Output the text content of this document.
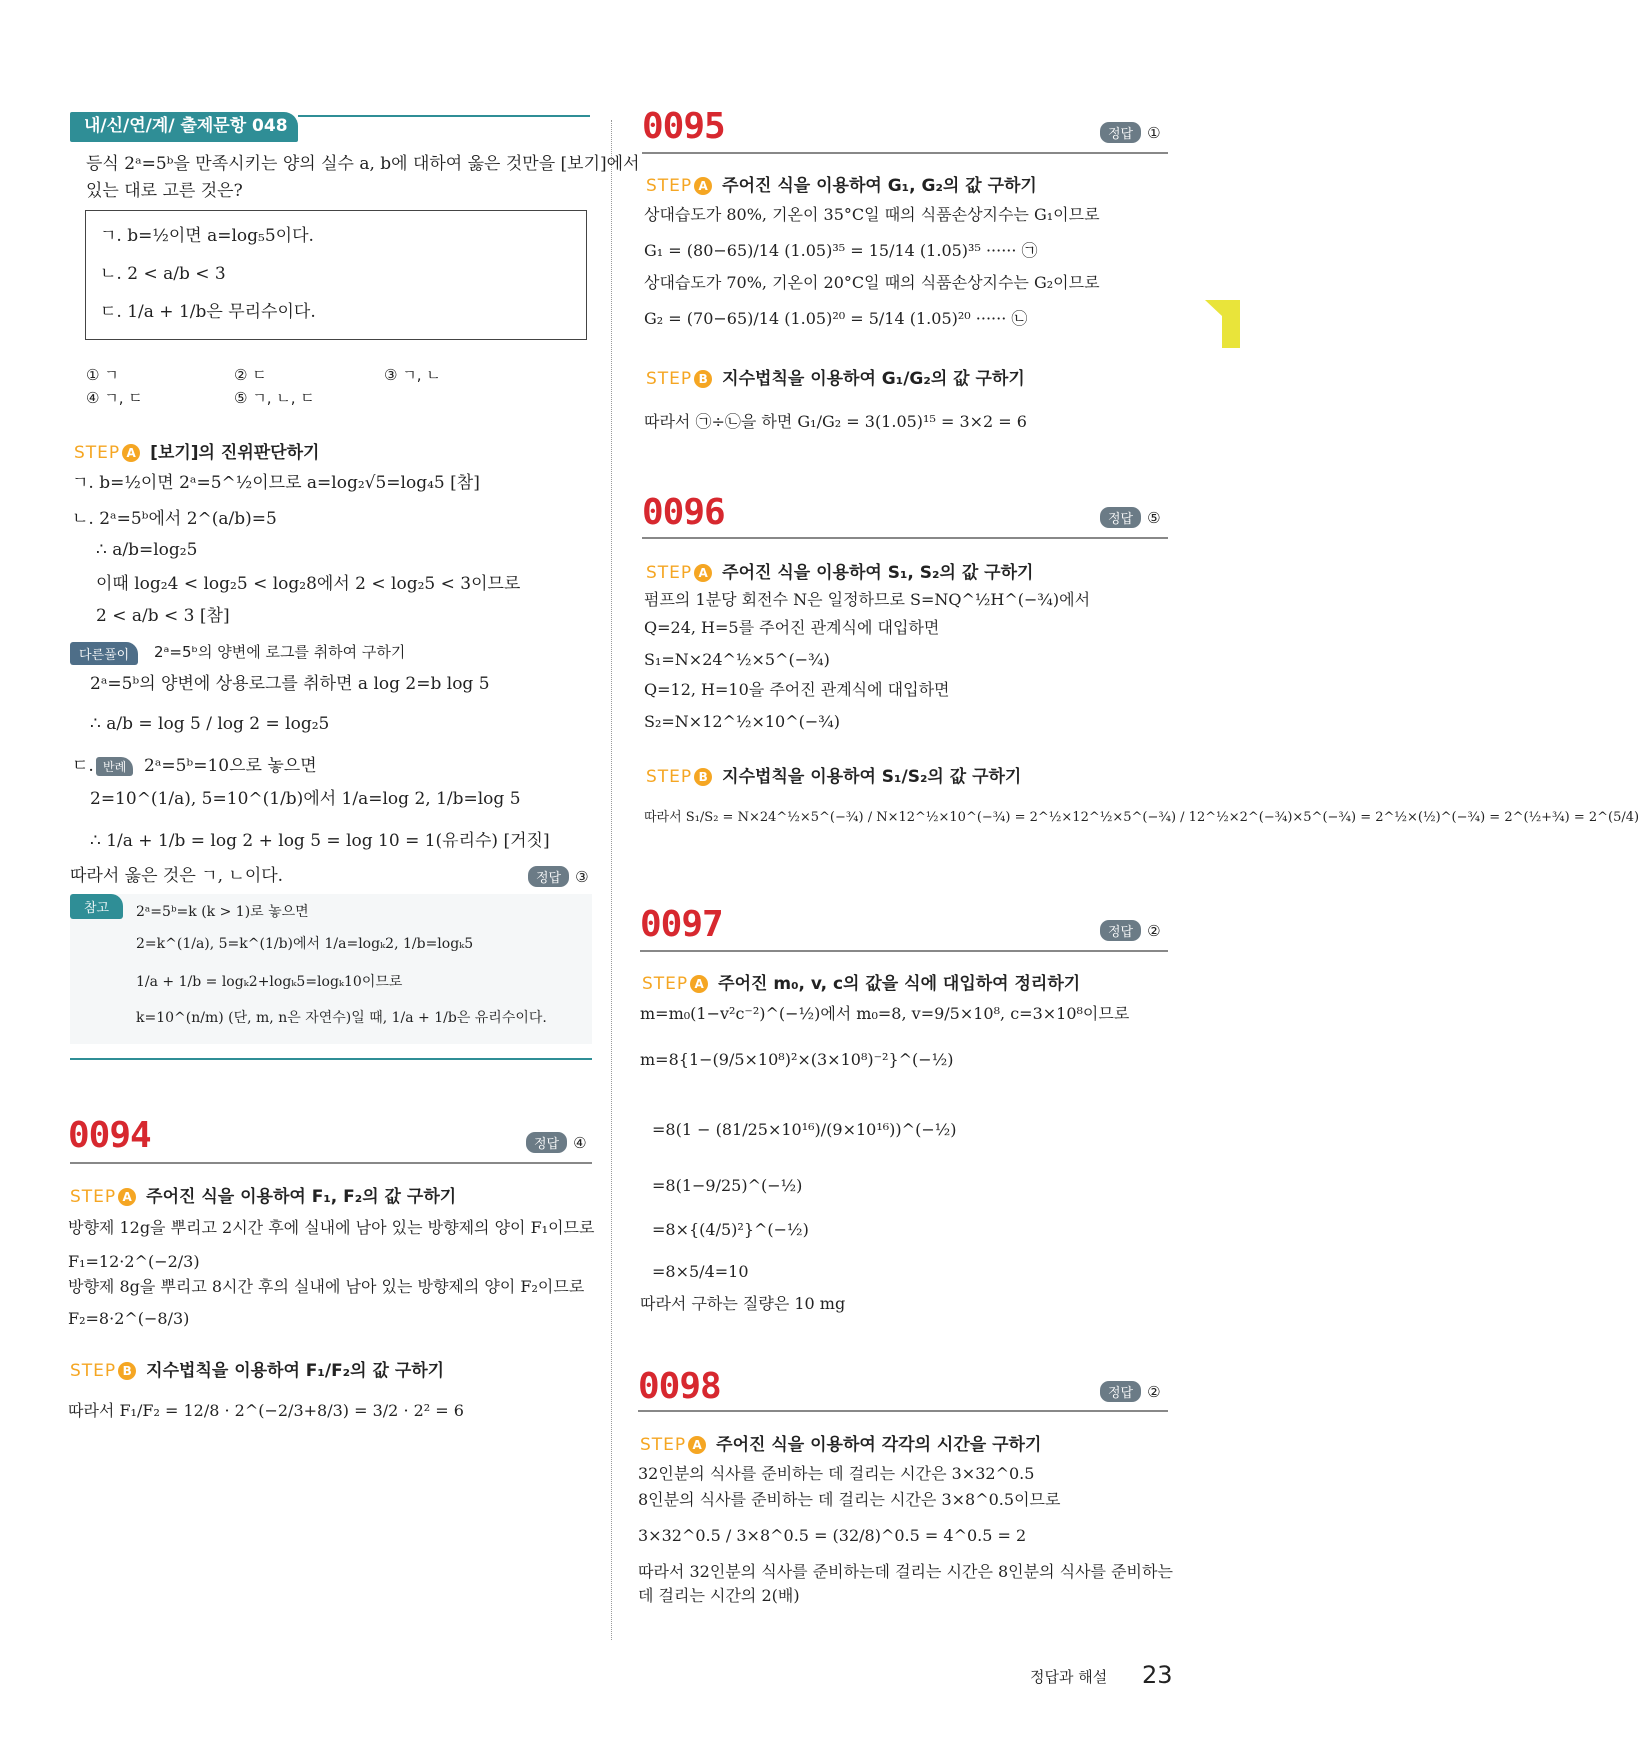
내/신/연/계/ 출제문항 048
등식 2ᵃ=5ᵇ을 만족시키는 양의 실수 a, b에 대하여 옳은 것만을 [보기]에서
있는 대로 고른 것은?
ㄱ. b=½이면 a=log₅5이다.
ㄴ. 2 < a/b < 3
ㄷ. 1/a + 1/b은 무리수이다.
① ㄱ	② ㄷ	③ ㄱ, ㄴ
④ ㄱ, ㄷ	⑤ ㄱ, ㄴ, ㄷ
STEP A [보기]의 진위판단하기
ㄱ. b=½이면 2ᵃ=5^½이므로 a=log₂√5=log₄5 [참]
ㄴ. 2ᵃ=5ᵇ에서 2^(a/b)=5
∴ a/b=log₂5
이때 log₂4 < log₂5 < log₂8에서 2 < log₂5 < 3이므로
2 < a/b < 3 [참]
다른풀이	2ᵃ=5ᵇ의 양변에 로그를 취하여 구하기
2ᵃ=5ᵇ의 양변에 상용로그를 취하면 a log 2=b log 5
∴ a/b = log 5 / log 2 = log₂5
ㄷ. 반례	2ᵃ=5ᵇ=10으로 놓으면
2=10^(1/a), 5=10^(1/b)에서 1/a=log 2, 1/b=log 5
∴ 1/a + 1/b = log 2 + log 5 = log 10 = 1(유리수) [거짓]
따라서 옳은 것은 ㄱ, ㄴ이다.	정답 ③
참고	2ᵃ=5ᵇ=k (k > 1)로 놓으면
2=k^(1/a), 5=k^(1/b)에서 1/a=logₖ2, 1/b=logₖ5
1/a + 1/b = logₖ2+logₖ5=logₖ10이므로
k=10^(n/m) (단, m, n은 자연수)일 때, 1/a + 1/b은 유리수이다.
0094	정답 ④
STEP A 주어진 식을 이용하여 F₁, F₂의 값 구하기
방향제 12g을 뿌리고 2시간 후에 실내에 남아 있는 방향제의 양이 F₁이므로
F₁=12·2^(−2/3)
방향제 8g을 뿌리고 8시간 후의 실내에 남아 있는 방향제의 양이 F₂이므로
F₂=8·2^(−8/3)
STEP B 지수법칙을 이용하여 F₁/F₂의 값 구하기
따라서 F₁/F₂ = 12/8 · 2^(−2/3+8/3) = 3/2 · 2² = 6
0095	정답 ①
STEP A 주어진 식을 이용하여 G₁, G₂의 값 구하기
상대습도가 80%, 기온이 35°C일 때의 식품손상지수는 G₁이므로
G₁ = (80−65)/14 (1.05)³⁵ = 15/14 (1.05)³⁵ ······ ㉠
상대습도가 70%, 기온이 20°C일 때의 식품손상지수는 G₂이므로
G₂ = (70−65)/14 (1.05)²⁰ = 5/14 (1.05)²⁰ ······ ㉡
STEP B 지수법칙을 이용하여 G₁/G₂의 값 구하기
따라서 ㉠÷㉡을 하면 G₁/G₂ = 3(1.05)¹⁵ = 3×2 = 6
0096	정답 ⑤
STEP A 주어진 식을 이용하여 S₁, S₂의 값 구하기
펌프의 1분당 회전수 N은 일정하므로 S=NQ^½H^(−¾)에서
Q=24, H=5를 주어진 관계식에 대입하면
S₁=N×24^½×5^(−¾)
Q=12, H=10을 주어진 관계식에 대입하면
S₂=N×12^½×10^(−¾)
STEP B 지수법칙을 이용하여 S₁/S₂의 값 구하기
따라서 S₁/S₂ = N×24^½×5^(−¾) / N×12^½×10^(−¾) = 2^½×12^½×5^(−¾) / 12^½×2^(−¾)×5^(−¾) = 2^½×(½)^(−¾) = 2^(½+¾) = 2^(5/4)
0097	정답 ②
STEP A 주어진 m₀, v, c의 값을 식에 대입하여 정리하기
m=m₀(1−v²c⁻²)^(−½)에서 m₀=8, v=9/5×10⁸, c=3×10⁸이므로
m=8{1−(9/5×10⁸)²×(3×10⁸)⁻²}^(−½)
=8(1 − (81/25×10¹⁶)/(9×10¹⁶))^(−½)
=8(1−9/25)^(−½)
=8×{(4/5)²}^(−½)
=8×5/4=10
따라서 구하는 질량은 10 mg
0098	정답 ②
STEP A 주어진 식을 이용하여 각각의 시간을 구하기
32인분의 식사를 준비하는 데 걸리는 시간은 3×32^0.5
8인분의 식사를 준비하는 데 걸리는 시간은 3×8^0.5이므로
3×32^0.5 / 3×8^0.5 = (32/8)^0.5 = 4^0.5 = 2
따라서 32인분의 식사를 준비하는데 걸리는 시간은 8인분의 식사를 준비하는
데 걸리는 시간의 2(배)
정답과 해설 23
